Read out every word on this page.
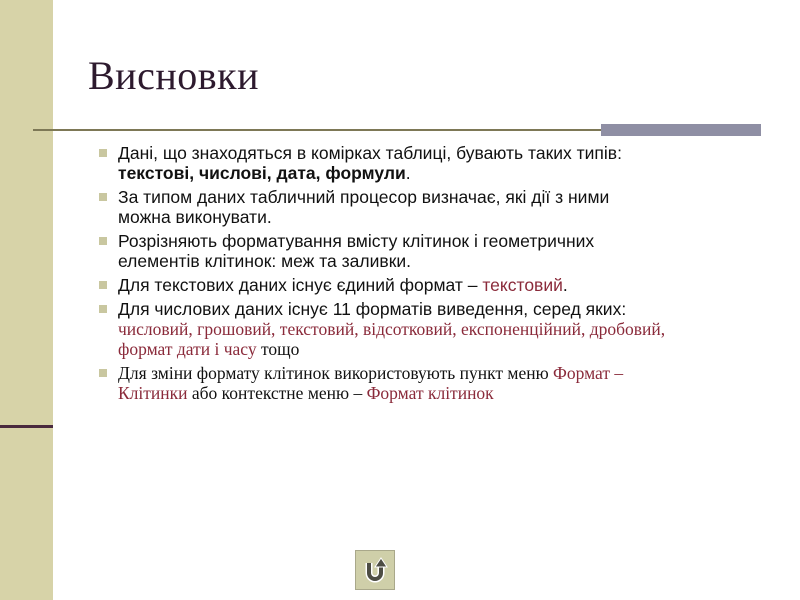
Висновки
Дані, що знаходяться в комірках таблиці, бувають таких типів: текстові, числові, дата, формули.
За типом даних табличний процесор визначає, які дії з ними можна виконувати.
Розрізняють форматування вмісту клітинок і геометричних елементів клітинок: меж та заливки.
Для текстових даних існує єдиний формат – текстовий.
Для числових даних існує 11 форматів виведення, серед яких: числовий, грошовий, текстовий, відсотковий, експоненційний, дробовий, формат дати і часу тощо
Для зміни формату клітинок використовують пункт меню Формат – Клітинки або контекстне меню – Формат клітинок
